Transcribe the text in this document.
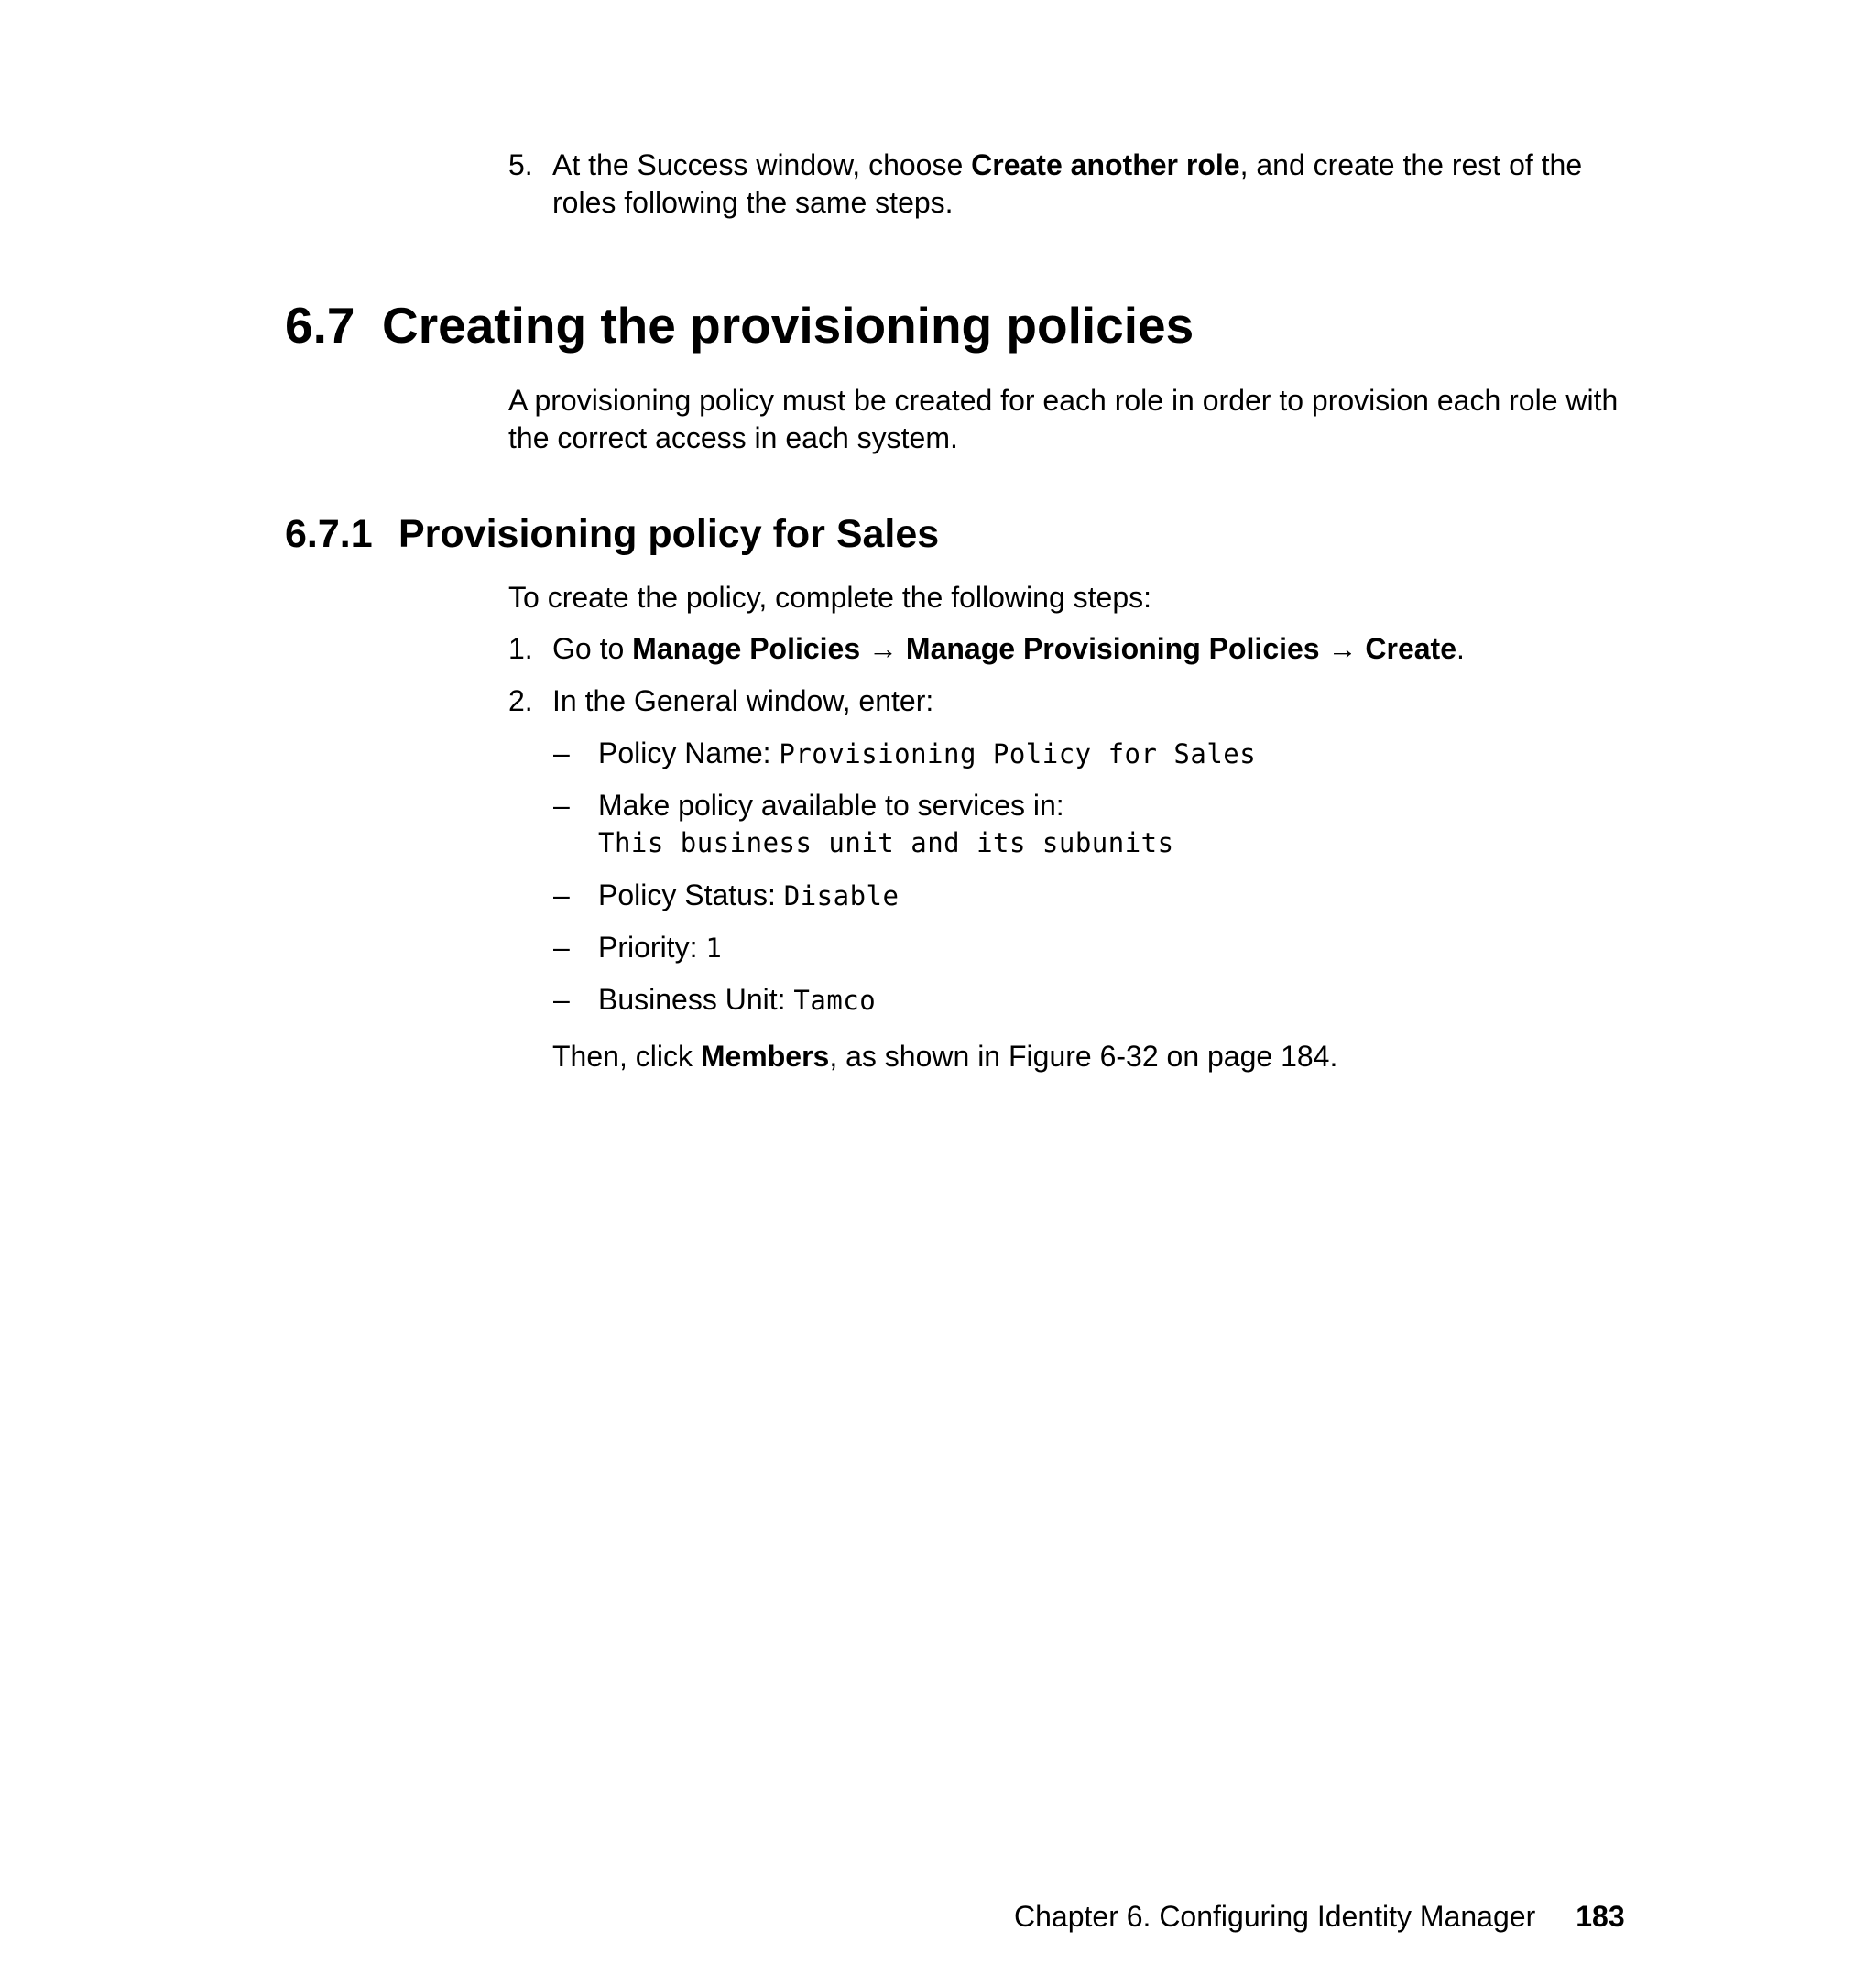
5. At the Success window, choose Create another role, and create the rest of the roles following the same steps.
6.7 Creating the provisioning policies
A provisioning policy must be created for each role in order to provision each role with the correct access in each system.
6.7.1 Provisioning policy for Sales
To create the policy, complete the following steps:
1. Go to Manage Policies → Manage Provisioning Policies → Create.
2. In the General window, enter:
– Policy Name: Provisioning Policy for Sales
– Make policy available to services in:
This business unit and its subunits
– Policy Status: Disable
– Priority: 1
– Business Unit: Tamco
Then, click Members, as shown in Figure 6-32 on page 184.
Chapter 6. Configuring Identity Manager 183
